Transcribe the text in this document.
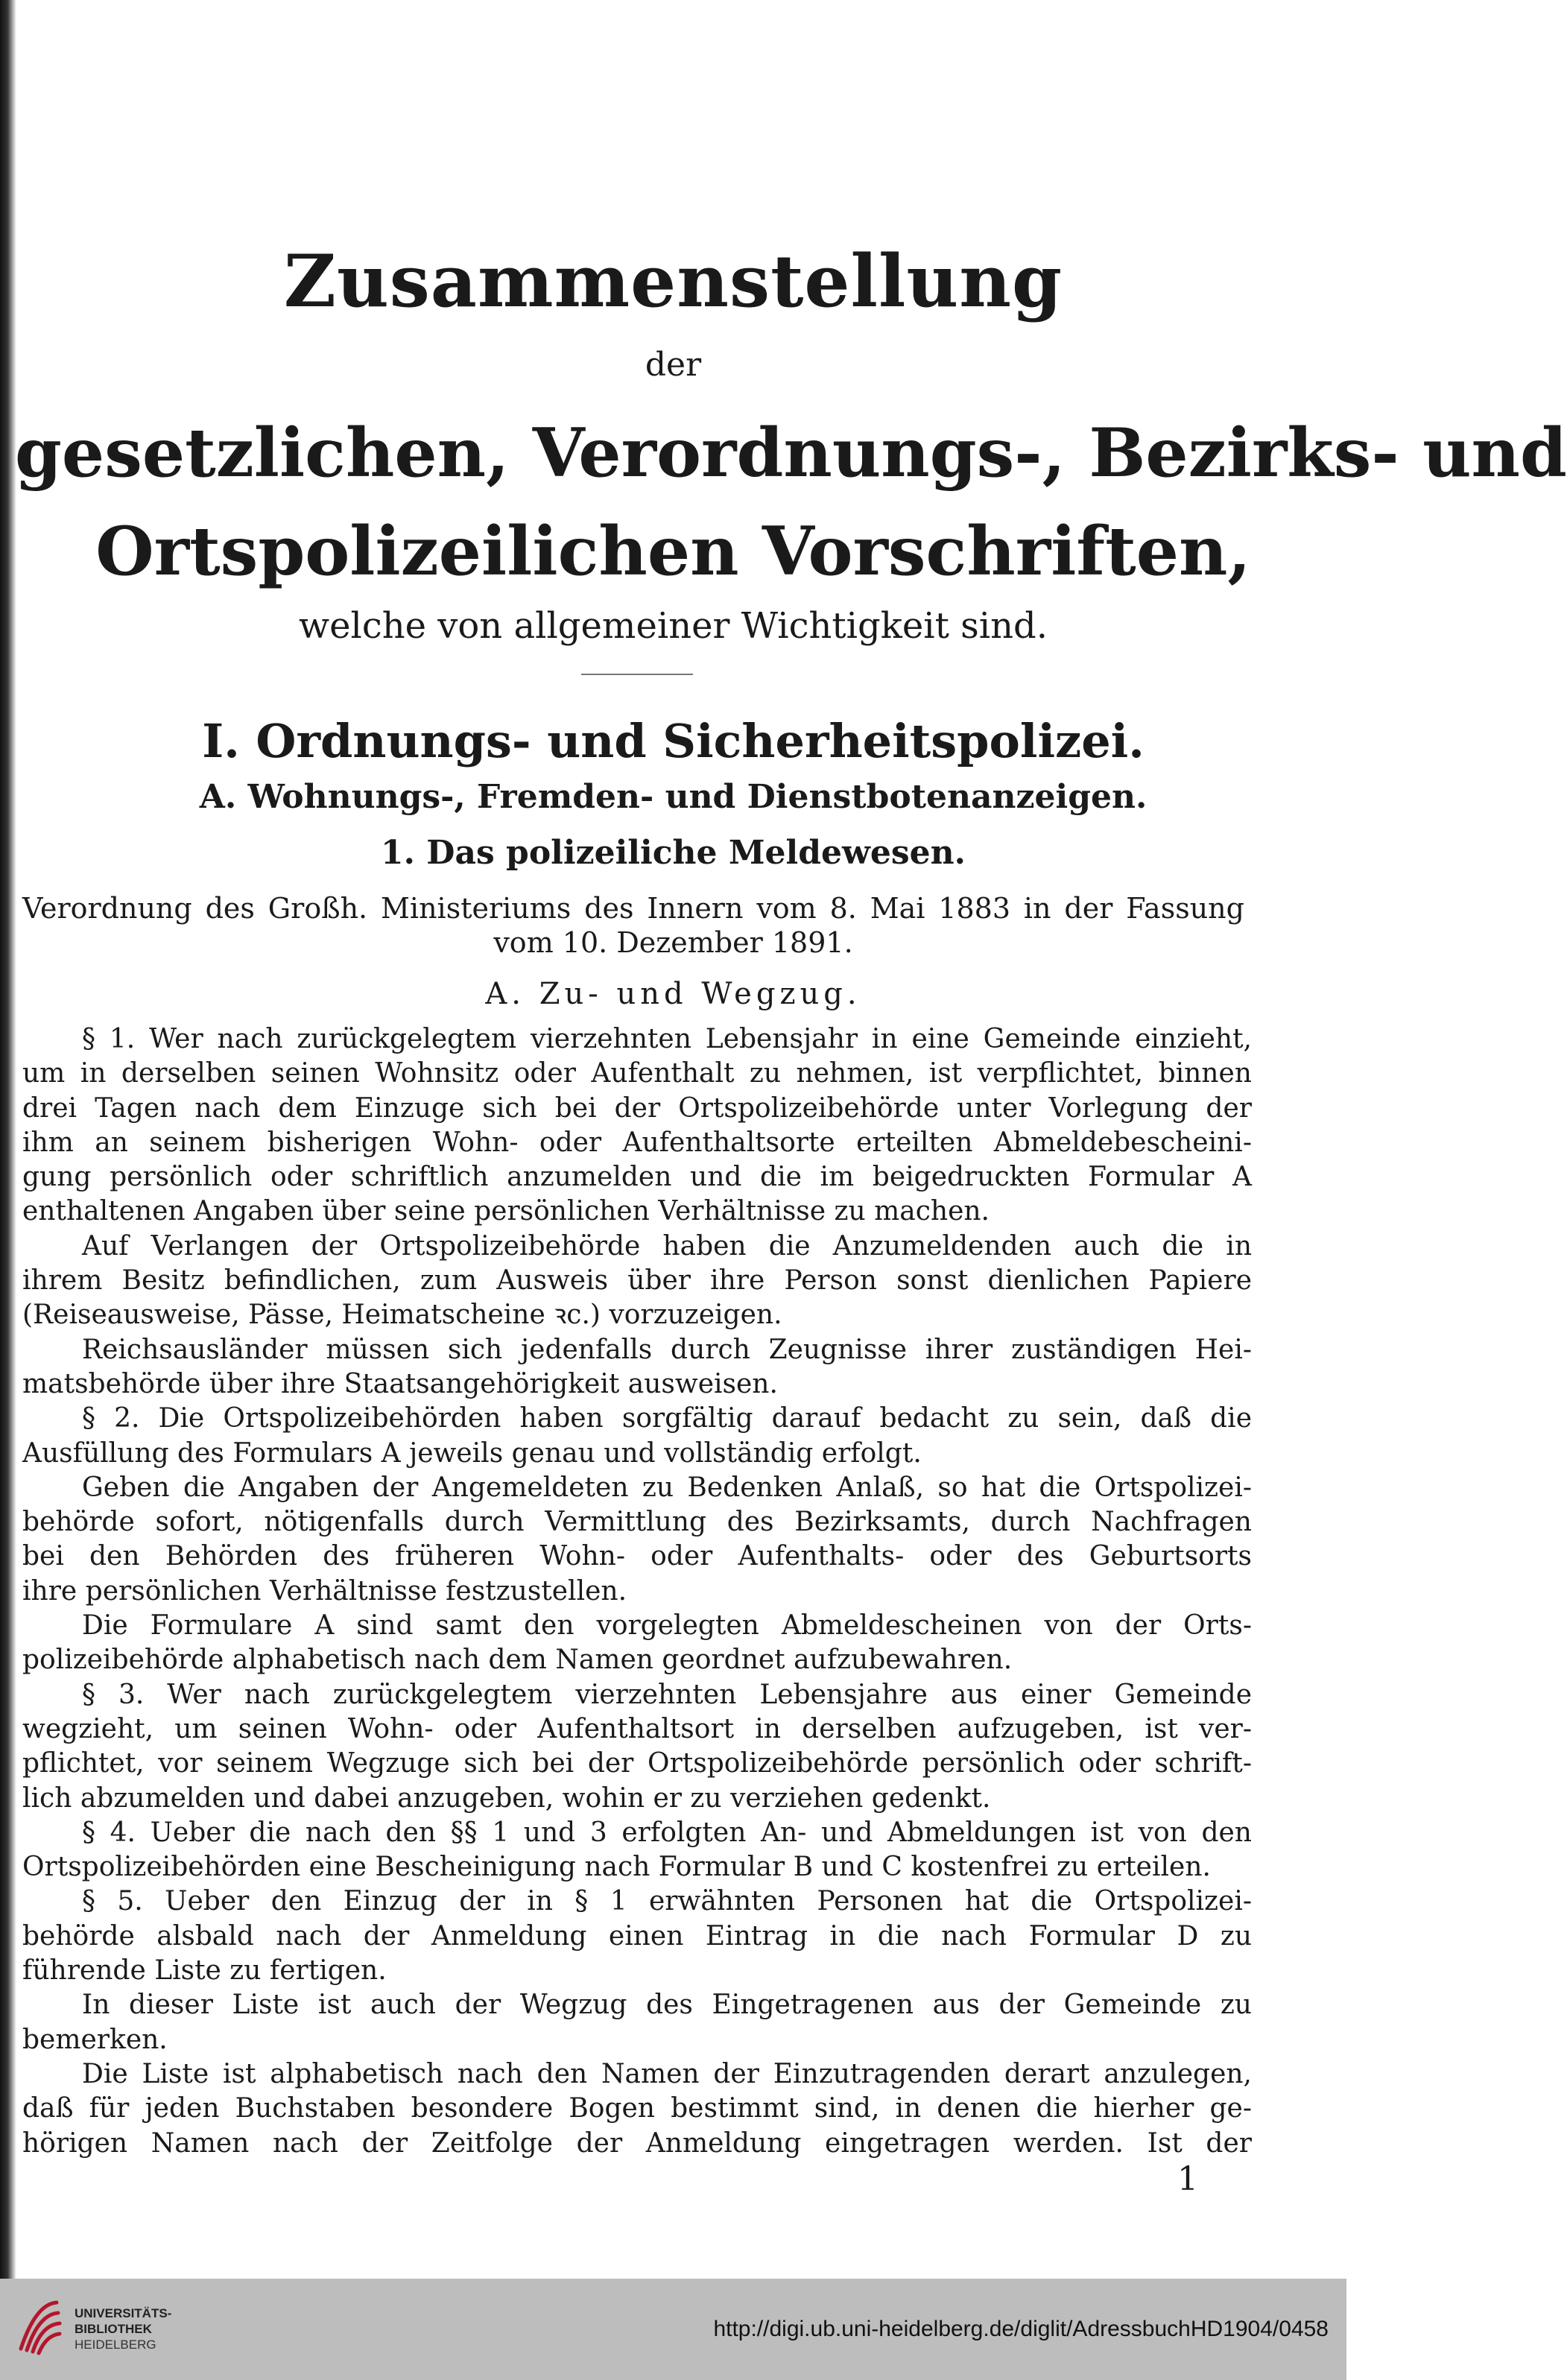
Zusammenstellung
der
gesetzlichen, Verordnungs-, Bezirks- und
Ortspolizeilichen Vorschriften,
welche von allgemeiner Wichtigkeit sind.
I. Ordnungs- und Sicherheitspolizei.
A. Wohnungs-, Fremden- und Dienstbotenanzeigen.
1. Das polizeiliche Meldewesen.
Verordnung des Großh. Ministeriums des Innern vom 8. Mai 1883 in der Fassung
vom 10. Dezember 1891.
A. Zu- und Wegzug.
§ 1. Wer nach zurückgelegtem vierzehnten Lebensjahr in eine Gemeinde einzieht,
um in derselben seinen Wohnsitz oder Aufenthalt zu nehmen, ist verpflichtet, binnen
drei Tagen nach dem Einzuge sich bei der Ortspolizeibehörde unter Vorlegung der
ihm an seinem bisherigen Wohn- oder Aufenthaltsorte erteilten Abmeldebescheini-
gung persönlich oder schriftlich anzumelden und die im beigedruckten Formular A
enthaltenen Angaben über seine persönlichen Verhältnisse zu machen.
Auf Verlangen der Ortspolizeibehörde haben die Anzumeldenden auch die in
ihrem Besitz befindlichen, zum Ausweis über ihre Person sonst dienlichen Papiere
(Reiseausweise, Pässe, Heimatscheine ꝛc.) vorzuzeigen.
Reichsausländer müssen sich jedenfalls durch Zeugnisse ihrer zuständigen Hei-
matsbehörde über ihre Staatsangehörigkeit ausweisen.
§ 2. Die Ortspolizeibehörden haben sorgfältig darauf bedacht zu sein, daß die
Ausfüllung des Formulars A jeweils genau und vollständig erfolgt.
Geben die Angaben der Angemeldeten zu Bedenken Anlaß, so hat die Ortspolizei-
behörde sofort, nötigenfalls durch Vermittlung des Bezirksamts, durch Nachfragen
bei den Behörden des früheren Wohn- oder Aufenthalts- oder des Geburtsorts
ihre persönlichen Verhältnisse festzustellen.
Die Formulare A sind samt den vorgelegten Abmeldescheinen von der Orts-
polizeibehörde alphabetisch nach dem Namen geordnet aufzubewahren.
§ 3. Wer nach zurückgelegtem vierzehnten Lebensjahre aus einer Gemeinde
wegzieht, um seinen Wohn- oder Aufenthaltsort in derselben aufzugeben, ist ver-
pflichtet, vor seinem Wegzuge sich bei der Ortspolizeibehörde persönlich oder schrift-
lich abzumelden und dabei anzugeben, wohin er zu verziehen gedenkt.
§ 4. Ueber die nach den §§ 1 und 3 erfolgten An- und Abmeldungen ist von den
Ortspolizeibehörden eine Bescheinigung nach Formular B und C kostenfrei zu erteilen.
§ 5. Ueber den Einzug der in § 1 erwähnten Personen hat die Ortspolizei-
behörde alsbald nach der Anmeldung einen Eintrag in die nach Formular D zu
führende Liste zu fertigen.
In dieser Liste ist auch der Wegzug des Eingetragenen aus der Gemeinde zu
bemerken.
Die Liste ist alphabetisch nach den Namen der Einzutragenden derart anzulegen,
daß für jeden Buchstaben besondere Bogen bestimmt sind, in denen die hierher ge-
hörigen Namen nach der Zeitfolge der Anmeldung eingetragen werden. Ist der
1
UNIVERSITÄTS-
BIBLIOTHEK
HEIDELBERG
http://digi.ub.uni-heidelberg.de/diglit/AdressbuchHD1904/0458
